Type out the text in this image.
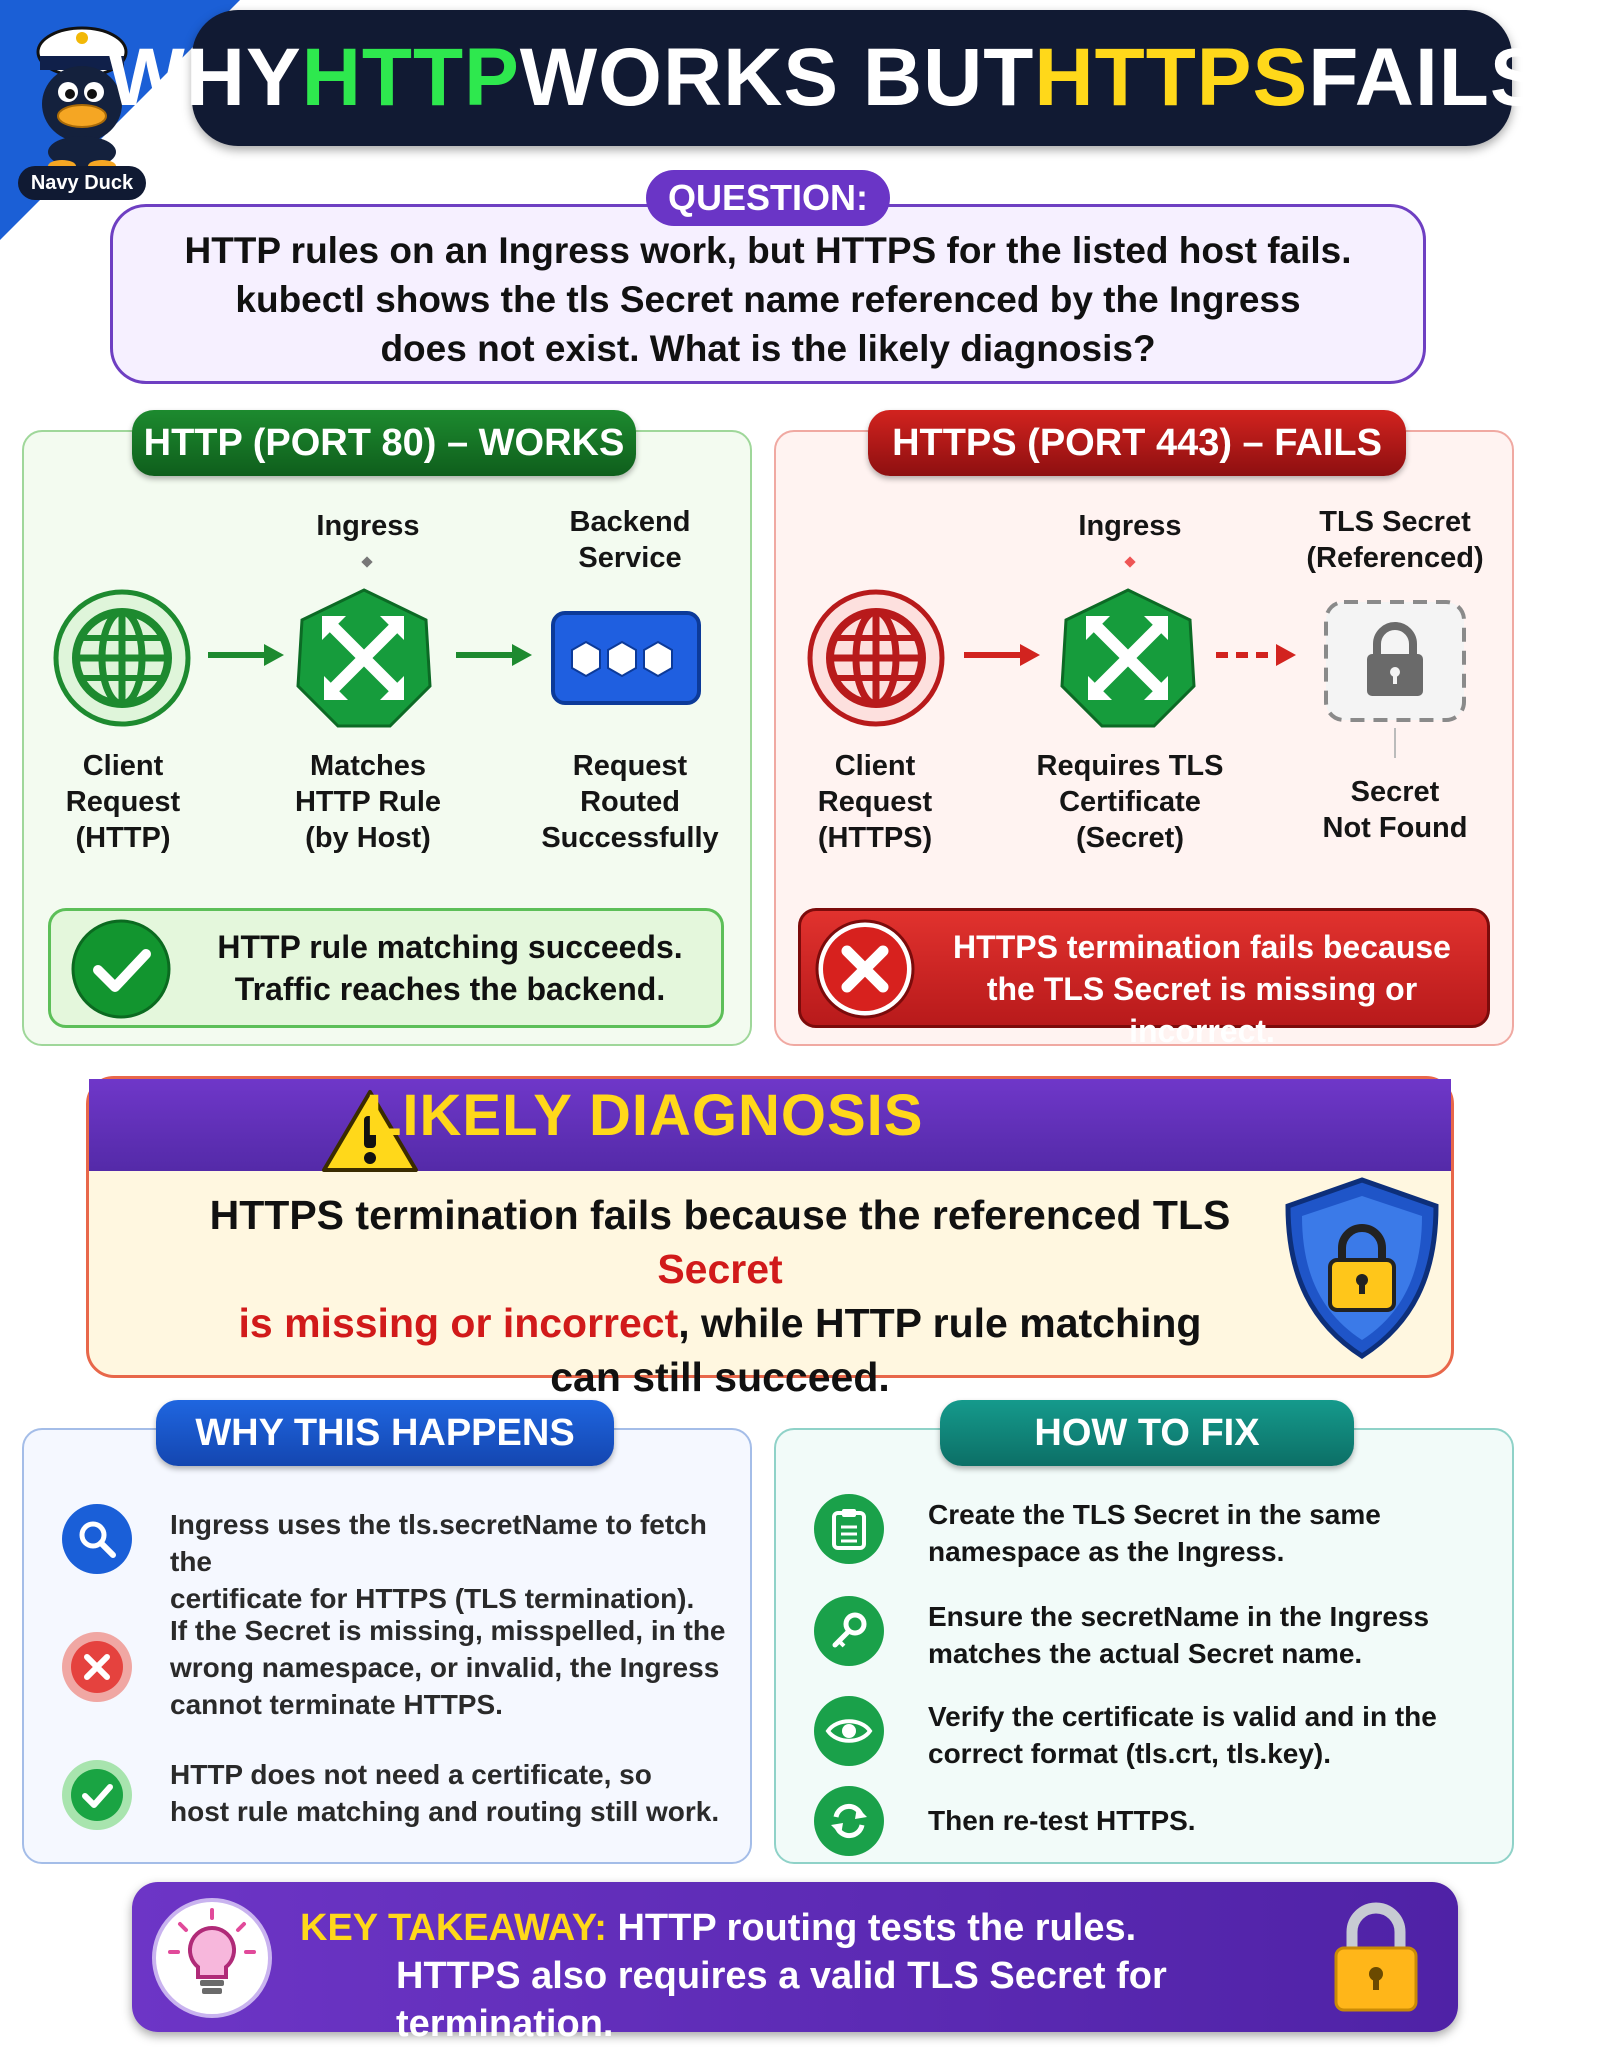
Navy Duck
WHY HTTP WORKS BUT HTTPS FAILS?
HTTP rules on an Ingress work, but HTTPS for the listed host fails.
kubectl shows the tls Secret name referenced by the Ingress
does not exist. What is the likely diagnosis?
QUESTION:
HTTP (PORT 80) – WORKS
Ingress	Backend
Service
Client
Request
(HTTP)
Matches
HTTP Rule
(by Host)
Request
Routed
Successfully
HTTP rule matching succeeds.
Traffic reaches the backend.
HTTPS (PORT 443) – FAILS
Ingress	TLS Secret
(Referenced)
Client
Request
(HTTPS)
Requires TLS
Certificate
(Secret)
Secret
Not Found
HTTPS termination fails because
the TLS Secret is missing or incorrect.
LIKELY DIAGNOSIS
HTTPS termination fails because the referenced TLS Secret
is missing or incorrect, while HTTP rule matching
can still succeed.
WHY THIS HAPPENS
Ingress uses the tls.secretName to fetch the
certificate for HTTPS (TLS termination).
If the Secret is missing, misspelled, in the
wrong namespace, or invalid, the Ingress
cannot terminate HTTPS.
HTTP does not need a certificate, so
host rule matching and routing still work.
HOW TO FIX
Create the TLS Secret in the same
namespace as the Ingress.
Ensure the secretName in the Ingress
matches the actual Secret name.
Verify the certificate is valid and in the
correct format (tls.crt, tls.key).
Then re-test HTTPS.
KEY TAKEAWAY: HTTP routing tests the rules.
HTTPS also requires a valid TLS Secret for termination.
